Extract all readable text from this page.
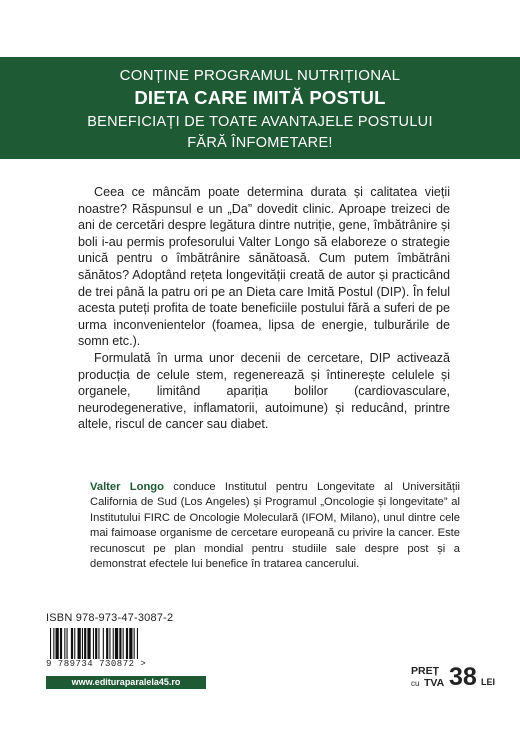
CONȚINE PROGRAMUL NUTRIȚIONAL
DIETA CARE IMITĂ POSTUL
BENEFICIAȚI DE TOATE AVANTAJELE POSTULUI
FĂRĂ ÎNFOMETARE!

Ceea ce mâncăm poate determina durata și calitatea vieții noastre? Răspunsul e un „Da” dovedit clinic. Aproape treizeci de ani de cercetări despre legătura dintre nutriție, gene, îmbătrânire și boli i-au permis profesorului Valter Longo să elaboreze o strategie unică pentru o îmbătrânire sănătoasă. Cum putem îmbătrâni sănătos? Adoptând rețeta longevității creată de autor și practicând de trei până la patru ori pe an Dieta care Imită Postul (DIP). În felul acesta puteți profita de toate beneficiile postului fără a suferi de pe urma inconvenientelor (foamea, lipsa de energie, tulburările de somn etc.).

Formulată în urma unor decenii de cercetare, DIP activează producția de celule stem, regenerează și întinerește celulele și organele, limitând apariția bolilor (cardiovasculare, neurodegenerative, inflamatorii, autoimune) și reducând, printre altele, riscul de cancer sau diabet.

Valter Longo conduce Institutul pentru Longevitate al Universității California de Sud (Los Angeles) și Programul „Oncologie și longevitate” al Institutului FIRC de Oncologie Moleculară (IFOM, Milano), unul dintre cele mai faimoase organisme de cercetare europeană cu privire la cancer. Este recunoscut pe plan mondial pentru studiile sale despre post și a demonstrat efectele lui benefice în tratarea cancerului.
ISBN 978-973-47-3087-2
9 789734 730872 >
www.edituraparalela45.ro
PREȚ
cu TVA 38 LEI
